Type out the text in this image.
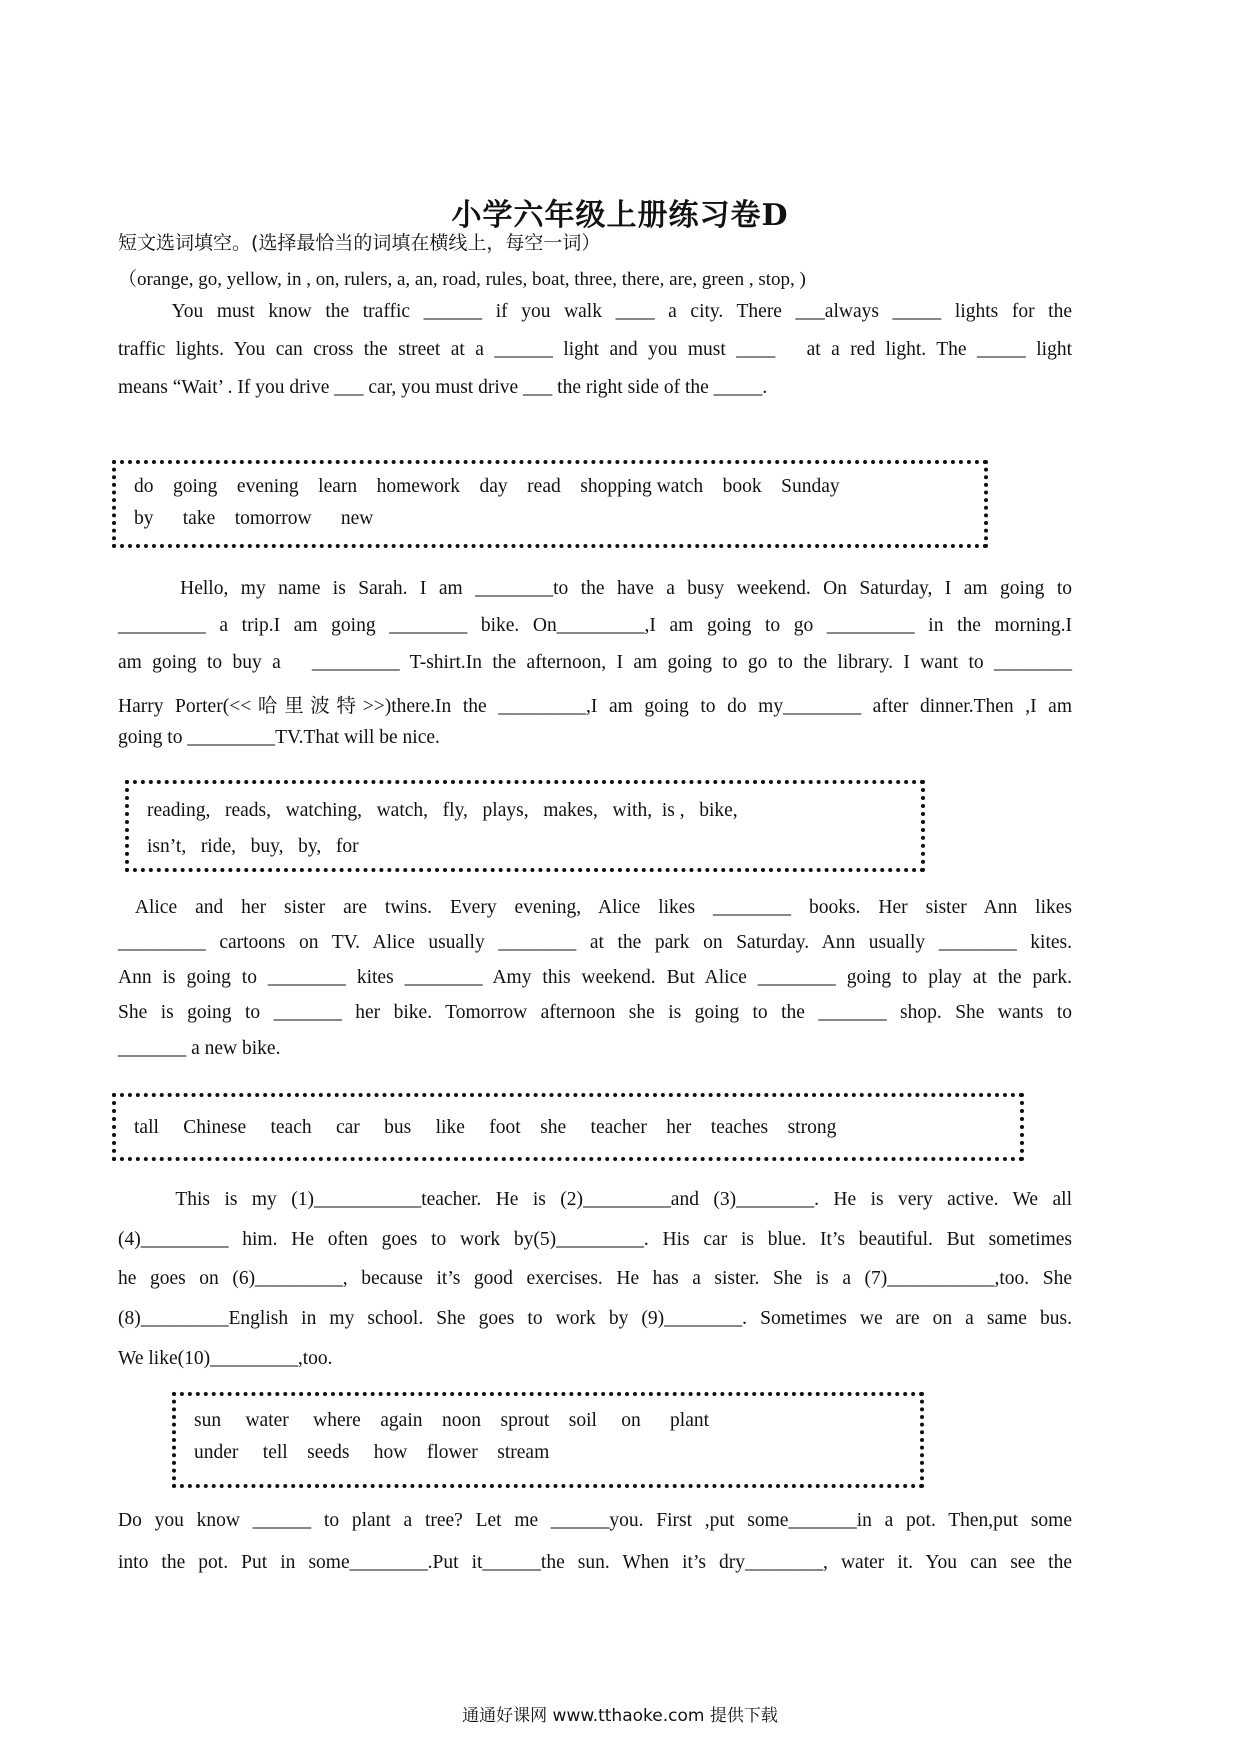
小学六年级上册练习卷D
短文选词填空。(选择最恰当的词填在横线上，每空一词）
（orange, go, yellow, in , on, rulers, a, an, road, rules, boat, three, there, are, green , stop, )
You must know the traffic ______ if you walk ____ a city. There ___always _____ lights for the
traffic lights. You can cross the street at a ______ light and you must ____   at a red light. The _____ light
means “Wait’ . If you drive ___ car, you must drive ___ the right side of the _____.
do    going    evening    learn    homework    day    read    shopping watch    book    Sunday
by      take    tomorrow      new
Hello, my name is Sarah. I am ________to the have a busy weekend. On Saturday, I am going to
_________ a trip.I am going ________ bike. On_________,I am going to go _________ in the morning.I
am going to buy a   _________ T-shirt.In the afternoon, I am going to go to the library. I want to ________
Harry Porter(<<哈里波特>>)there.In the _________,I am going to do my________ after dinner.Then ,I am
going to _________TV.That will be nice.
reading,   reads,   watching,   watch,   fly,   plays,   makes,   with,  is ,   bike,
isn’t,   ride,   buy,   by,   for
Alice and her sister are twins. Every evening, Alice likes ________ books. Her sister Ann likes
_________ cartoons on TV. Alice usually ________ at the park on Saturday. Ann usually ________ kites.
Ann is going to ________ kites ________ Amy this weekend. But Alice ________ going to play at the park.
She is going to _______ her bike. Tomorrow afternoon she is going to the _______ shop. She wants to
_______ a new bike.
tall     Chinese     teach     car     bus     like     foot    she     teacher    her    teaches    strong
This is my (1)___________teacher. He is (2)_________and (3)________. He is very active. We all
(4)_________ him. He often goes to work by(5)_________. His car is blue. It’s beautiful. But sometimes
he goes on (6)_________, because it’s good exercises. He has a sister. She is a (7)___________,too. She
(8)_________English in my school. She goes to work by (9)________. Sometimes we are on a same bus.
We like(10)_________,too.
sun     water     where    again    noon    sprout    soil     on      plant
under     tell    seeds     how    flower    stream
Do you know ______ to plant a tree? Let me ______you. First ,put some_______in a pot. Then,put some
into the pot. Put in some________.Put it______the sun. When it’s dry________, water it. You can see the
通通好课网 www.tthaoke.com 提供下载
